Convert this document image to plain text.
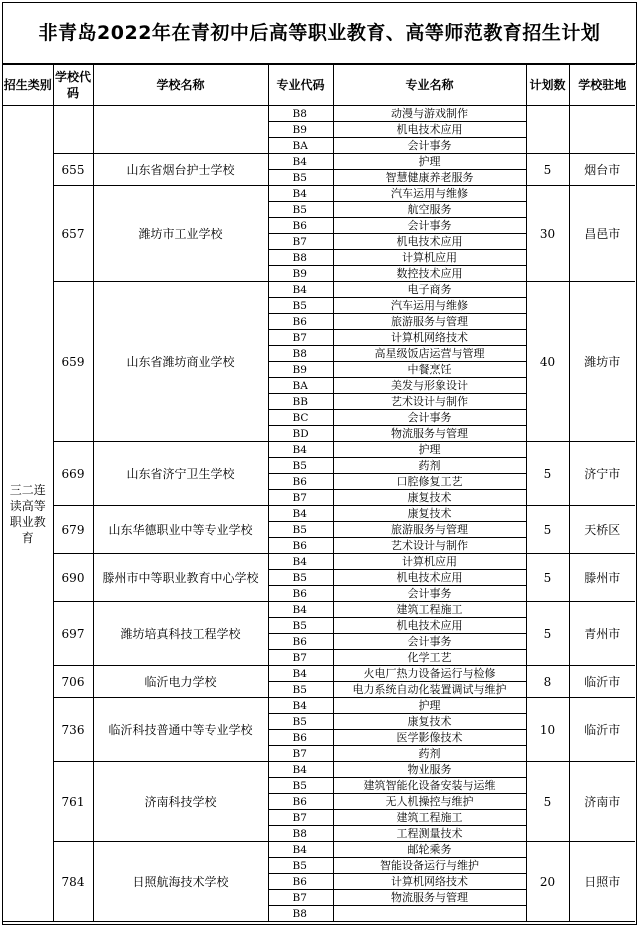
非青岛2022年在青初中后高等职业教育、高等师范教育招生计划
招生类别	学校代码	学校名称	专业代码	专业名称	计划数	学校驻地
三二连读高等职业教育			B8	动漫与游戏制作		
			B9	机电技术应用		
			BA	会计事务		
	655	山东省烟台护士学校	B4	护理	5	烟台市
			B5	智慧健康养老服务		
	657	潍坊市工业学校	B4	汽车运用与维修	30	昌邑市
			B5	航空服务		
			B6	会计事务		
			B7	机电技术应用		
			B8	计算机应用		
			B9	数控技术应用		
	659	山东省潍坊商业学校	B4	电子商务	40	潍坊市
			B5	汽车运用与维修		
			B6	旅游服务与管理		
			B7	计算机网络技术		
			B8	高星级饭店运营与管理		
			B9	中餐烹饪		
			BA	美发与形象设计		
			BB	艺术设计与制作		
			BC	会计事务		
			BD	物流服务与管理		
	669	山东省济宁卫生学校	B4	护理	5	济宁市
			B5	药剂		
			B6	口腔修复工艺		
			B7	康复技术		
	679	山东华德职业中等专业学校	B4	康复技术	5	天桥区
			B5	旅游服务与管理		
			B6	艺术设计与制作		
	690	滕州市中等职业教育中心学校	B4	计算机应用	5	滕州市
			B5	机电技术应用		
			B6	会计事务		
	697	潍坊培真科技工程学校	B4	建筑工程施工	5	青州市
			B5	机电技术应用		
			B6	会计事务		
			B7	化学工艺		
	706	临沂电力学校	B4	火电厂热力设备运行与检修	8	临沂市
			B5	电力系统自动化装置调试与维护		
	736	临沂科技普通中等专业学校	B4	护理	10	临沂市
			B5	康复技术		
			B6	医学影像技术		
			B7	药剂		
	761	济南科技学校	B4	物业服务	5	济南市
			B5	建筑智能化设备安装与运维		
			B6	无人机操控与维护		
			B7	建筑工程施工		
			B8	工程测量技术		
	784	日照航海技术学校	B4	邮轮乘务	20	日照市
			B5	智能设备运行与维护		
			B6	计算机网络技术		
			B7	物流服务与管理		
			B8			
